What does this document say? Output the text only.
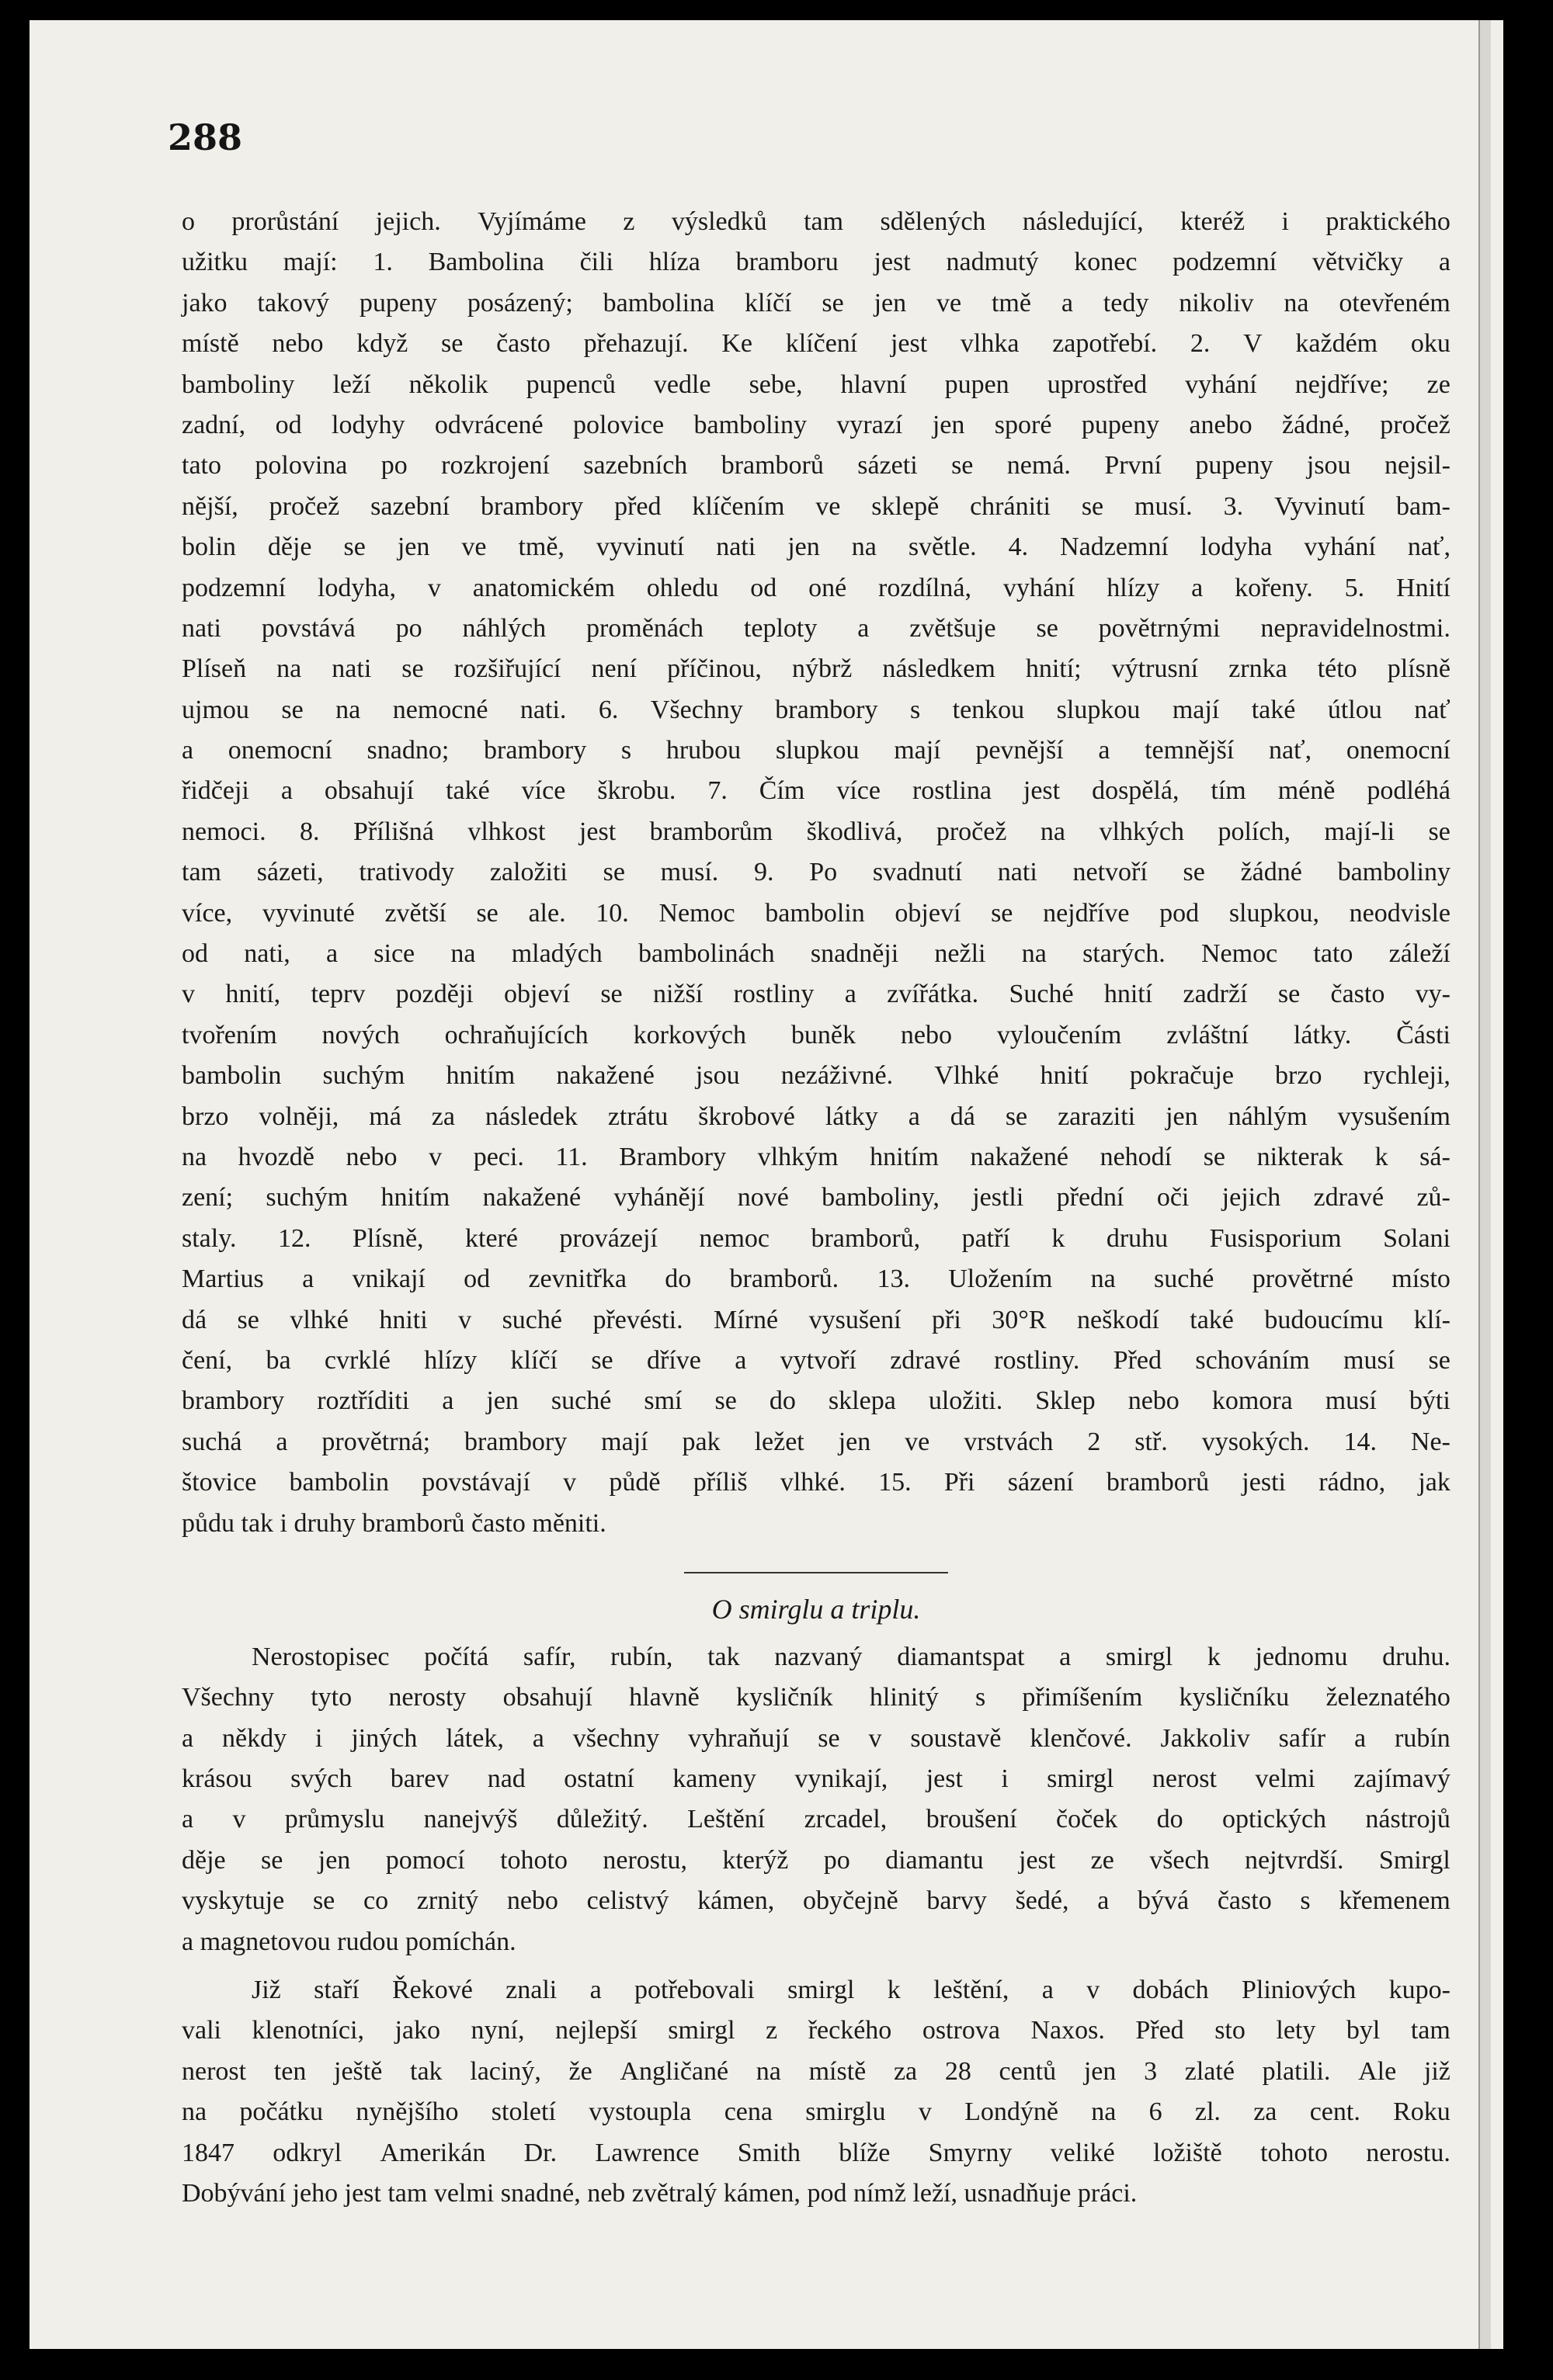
288
o prorůstání jejich. Vyjímáme z výsledků tam sdělených následující, kteréž i praktického
užitku mají: 1. Bambolina čili hlíza bramboru jest nadmutý konec podzemní větvičky a
jako takový pupeny posázený; bambolina klíčí se jen ve tmě a tedy nikoliv na otevřeném
místě nebo když se často přehazují. Ke klíčení jest vlhka zapotřebí. 2. V každém oku
bamboliny leží několik pupenců vedle sebe, hlavní pupen uprostřed vyhání nejdříve; ze
zadní, od lodyhy odvrácené polovice bamboliny vyrazí jen sporé pupeny anebo žádné, pročež
tato polovina po rozkrojení sazebních bramborů sázeti se nemá. První pupeny jsou nejsil-
nější, pročež sazební brambory před klíčením ve sklepě chrániti se musí. 3. Vyvinutí bam-
bolin děje se jen ve tmě, vyvinutí nati jen na světle. 4. Nadzemní lodyha vyhání nať,
podzemní lodyha, v anatomickém ohledu od oné rozdílná, vyhání hlízy a kořeny. 5. Hnití
nati povstává po náhlých proměnách teploty a zvětšuje se povětrnými nepravidelnostmi.
Plíseň na nati se rozšiřující není příčinou, nýbrž následkem hnití; výtrusní zrnka této plísně
ujmou se na nemocné nati. 6. Všechny brambory s tenkou slupkou mají také útlou nať
a onemocní snadno; brambory s hrubou slupkou mají pevnější a temnější nať, onemocní
řidčeji a obsahují také více škrobu. 7. Čím více rostlina jest dospělá, tím méně podléhá
nemoci. 8. Přílišná vlhkost jest bramborům škodlivá, pročež na vlhkých polích, mají-li se
tam sázeti, trativody založiti se musí. 9. Po svadnutí nati netvoří se žádné bamboliny
více, vyvinuté zvětší se ale. 10. Nemoc bambolin objeví se nejdříve pod slupkou, neodvisle
od nati, a sice na mladých bambolinách snadněji nežli na starých. Nemoc tato záleží
v hnití, teprv později objeví se nižší rostliny a zvířátka. Suché hnití zadrží se často vy-
tvořením nových ochraňujících korkových buněk nebo vyloučením zvláštní látky. Části
bambolin suchým hnitím nakažené jsou nezáživné. Vlhké hnití pokračuje brzo rychleji,
brzo volněji, má za následek ztrátu škrobové látky a dá se zaraziti jen náhlým vysušením
na hvozdě nebo v peci. 11. Brambory vlhkým hnitím nakažené nehodí se nikterak k sá-
zení; suchým hnitím nakažené vyhánějí nové bamboliny, jestli přední oči jejich zdravé zů-
staly. 12. Plísně, které provázejí nemoc bramborů, patří k druhu Fusisporium Solani
Martius a vnikají od zevnitřka do bramborů. 13. Uložením na suché provětrné místo
dá se vlhké hniti v suché převésti. Mírné vysušení při 30°R neškodí také budoucímu klí-
čení, ba cvrklé hlízy klíčí se dříve a vytvoří zdravé rostliny. Před schováním musí se
brambory roztříditi a jen suché smí se do sklepa uložiti. Sklep nebo komora musí býti
suchá a provětrná; brambory mají pak ležet jen ve vrstvách 2 stř. vysokých. 14. Ne-
štovice bambolin povstávají v půdě příliš vlhké. 15. Při sázení bramborů jesti rádno, jak
půdu
tak
i
druhy
bramborů
často
měniti.

O smirglu a triplu.
Nerostopisec počítá safír, rubín, tak nazvaný diamantspat a smirgl k jednomu druhu.
Všechny tyto nerosty obsahují hlavně kysličník hlinitý s přimíšením kysličníku železnatého
a někdy i jiných látek, a všechny vyhraňují se v soustavě klenčové. Jakkoliv safír a rubín
krásou svých barev nad ostatní kameny vynikají, jest i smirgl nerost velmi zajímavý
a v průmyslu nanejvýš důležitý. Leštění zrcadel, broušení čoček do optických nástrojů
děje se jen pomocí tohoto nerostu, kterýž po diamantu jest ze všech nejtvrdší. Smirgl
vyskytuje se co zrnitý nebo celistvý kámen, obyčejně barvy šedé, a bývá často s křemenem
a
magnetovou
rudou
pomíchán.

Již staří Řekové znali a potřebovali smirgl k leštění, a v dobách Pliniových kupo-
vali klenotníci, jako nyní, nejlepší smirgl z řeckého ostrova Naxos. Před sto lety byl tam
nerost ten ještě tak laciný, že Angličané na místě za 28 centů jen 3 zlaté platili. Ale již
na počátku nynějšího století vystoupla cena smirglu v Londýně na 6 zl. za cent. Roku
1847 odkryl Amerikán Dr. Lawrence Smith blíže Smyrny veliké ložiště tohoto nerostu.
Dobývání
jeho
jest
tam
velmi
snadné,
neb
zvětralý
kámen,
pod
nímž
leží,
usnadňuje
práci.
